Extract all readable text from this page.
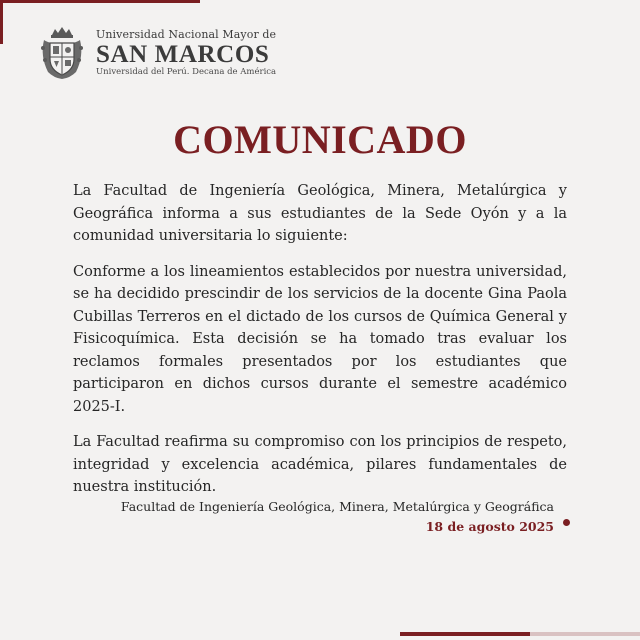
Universidad Nacional Mayor de
SAN MARCOS
Universidad del Perú. Decana de América
COMUNICADO

La Facultad de Ingeniería Geológica, Minera, Metalúrgica y Geográfica informa a sus estudiantes de la Sede Oyón y a la comunidad universitaria lo siguiente:

Conforme a los lineamientos establecidos por nuestra universidad, se ha decidido prescindir de los servicios de la docente Gina Paola Cubillas Terreros en el dictado de los cursos de Química General y Fisicoquímica. Esta decisión se ha tomado tras evaluar los reclamos formales presentados por los estudiantes que participaron en dichos cursos durante el semestre académico 2025-I.

La Facultad reafirma su compromiso con los principios de respeto, integridad y excelencia académica, pilares fundamentales de nuestra institución.

Facultad de Ingeniería Geológica, Minera, Metalúrgica y Geográfica
18 de agosto 2025
